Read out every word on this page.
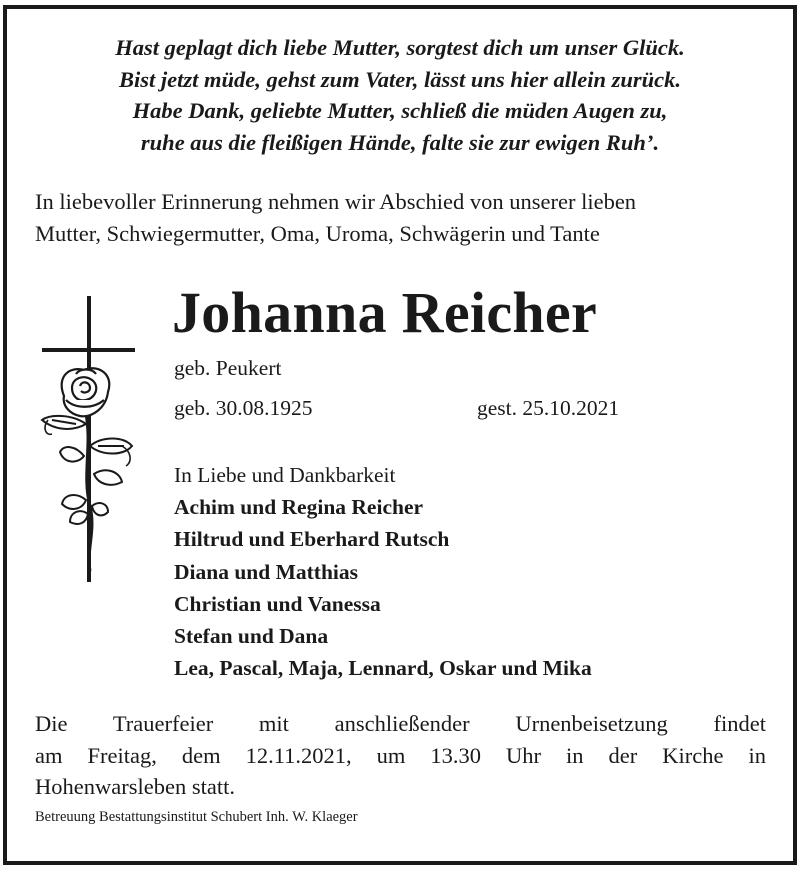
Hast geplagt dich liebe Mutter, sorgtest dich um unser Glück.
Bist jetzt müde, gehst zum Vater, lässt uns hier allein zurück.
Habe Dank, geliebte Mutter, schließ die müden Augen zu,
ruhe aus die fleißigen Hände, falte sie zur ewigen Ruh’.
In liebevoller Erinnerung nehmen wir Abschied von unserer lieben
Mutter, Schwiegermutter, Oma, Uroma, Schwägerin und Tante
Johanna Reicher
geb. Peukert
geb. 30.08.1925	gest. 25.10.2021
In Liebe und Dankbarkeit
Achim und Regina Reicher
Hiltrud und Eberhard Rutsch
Diana und Matthias
Christian und Vanessa
Stefan und Dana
Lea, Pascal, Maja, Lennard, Oskar und Mika
Die Trauerfeier mit anschließender Urnenbeisetzung findet
am Freitag, dem 12.11.2021, um 13.30 Uhr in der Kirche in
Hohenwarsleben statt.
Betreuung Bestattungsinstitut Schubert Inh. W. Klaeger
